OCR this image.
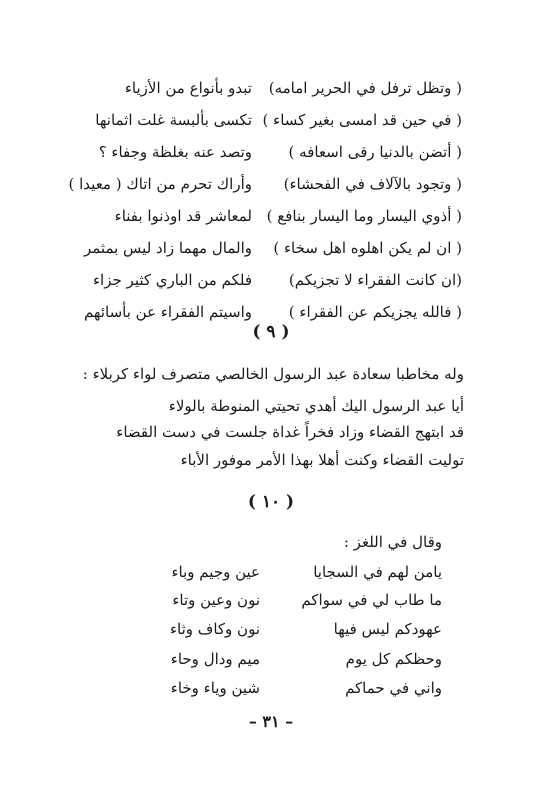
( وتظل ترفل في الحرير امامه)
تبدو بأنواع من الأزياء
( في حين قد امسى بغير كساء )
تكسى بألبسة غلت اثمانها
( أتضن بالدنيا رقى اسعافه )
وتصد عنه بغلظة وجفاء ؟
( وتجود بالآلاف في الفحشاء)
وأراك تحرم من اتاك ( معيدا )
( أذوي اليسار وما اليسار بنافع )
لمعاشر قد اوذنوا بفناء
( ان لم يكن اهلوه اهل سخاء )
والمال مهما زاد ليس بمثمر
(ان كانت الفقراء لا تجزيكم)
فلكم من الباري كثير جزاء
( فالله يجزيكم عن الفقراء )
واسيتم الفقراء عن بأسائهم
( ٩ )
وله مخاطبا سعادة عبد الرسول الخالصي متصرف لواء كربلاء :
أيا عبد الرسول اليك أهدي تحيتي المنوطة بالولاء
قد ابتهج القضاء وزاد فخراً غداة جلست في دست القضاء
توليت القضاء وكنت أهلا بهذا الأمر موفور الأباء
( ١٠ )
وقال في اللغز :
يامن لهم في السجايا
عين وجيم وباء
ما طاب لي في سواكم
نون وعين وتاء
عهودكم ليس فيها
نون وكاف وثاء
وحظكم كل يوم
ميم ودال وحاء
واني في حماكم
شين وياء وخاء
– ٣١ –
